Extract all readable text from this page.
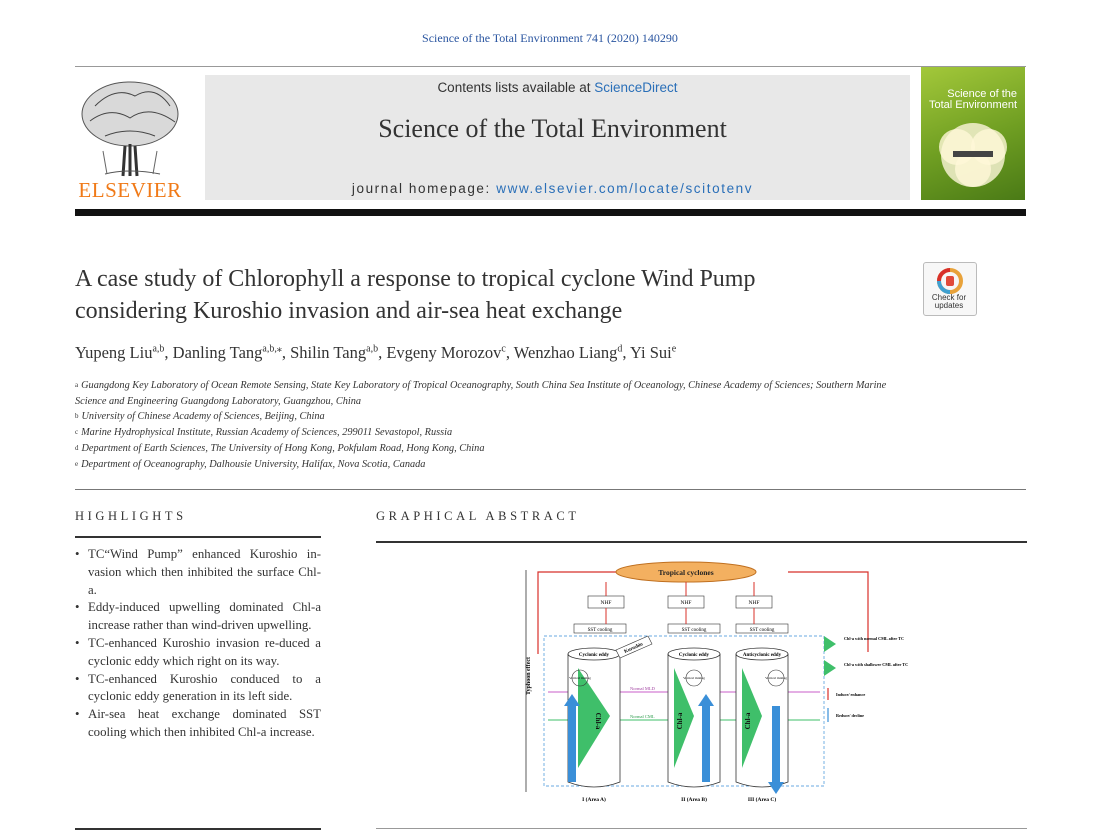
Science of the Total Environment 741 (2020) 140290
ELSEVIER
Contents lists available at ScienceDirect
Science of the Total Environment
journal homepage: www.elsevier.com/locate/scitotenv
Science of the
Total Environment
A case study of Chlorophyll a response to tropical cyclone Wind Pump
considering Kuroshio invasion and air-sea heat exchange
Check for updates
Yupeng Liu$^{a,b}$, Danling Tang$^{a,b,⁎}$, Shilin Tang$^{a,b}$, Evgeny Morozov$^c$, Wenzhao Liang$^d$, Yi Sui$^e$
$^a$ Guangdong Key Laboratory of Ocean Remote Sensing, State Key Laboratory of Tropical Oceanography, South China Sea Institute of Oceanology, Chinese Academy of Sciences; Southern Marine
Science and Engineering Guangdong Laboratory, Guangzhou, China
$^b$ University of Chinese Academy of Sciences, Beijing, China
$^c$ Marine Hydrophysical Institute, Russian Academy of Sciences, 299011 Sevastopol, Russia
$^d$ Department of Earth Sciences, The University of Hong Kong, Pokfulam Road, Hong Kong, China
$^e$ Department of Oceanography, Dalhousie University, Halifax, Nova Scotia, Canada
HIGHLIGHTS
• TC“Wind Pump” enhanced Kuroshio in-vasion which then inhibited the surface Chl-a.
• Eddy-induced upwelling dominated Chl-a increase rather than wind-driven upwelling.
• TC-enhanced Kuroshio invasion re-duced a cyclonic eddy which right on its way.
• TC-enhanced Kuroshio conduced to a cyclonic eddy generation in its left side.
• Air-sea heat exchange dominated SST cooling which then inhibited Chl-a increase.
GRAPHICAL ABSTRACT
Typhoon effect
Tropical cyclones
NHF	NHF	NHF
SST cooling	SST cooling	SST cooling
Normal MLD
Normal CML
Cyclonic eddy	Cyclonic eddy	Anticyclonic eddy
Kuroshio
Chl-a	Chl-a	Chl-a
Vertical mixing	Vertical mixing	Vertical mixing
I (Area A)	II (Area B)	III (Area C)
Chl-a with normal CML after TC
Chl-a with shallower CML after TC
Induce/ enhance
Reduce/ decline
